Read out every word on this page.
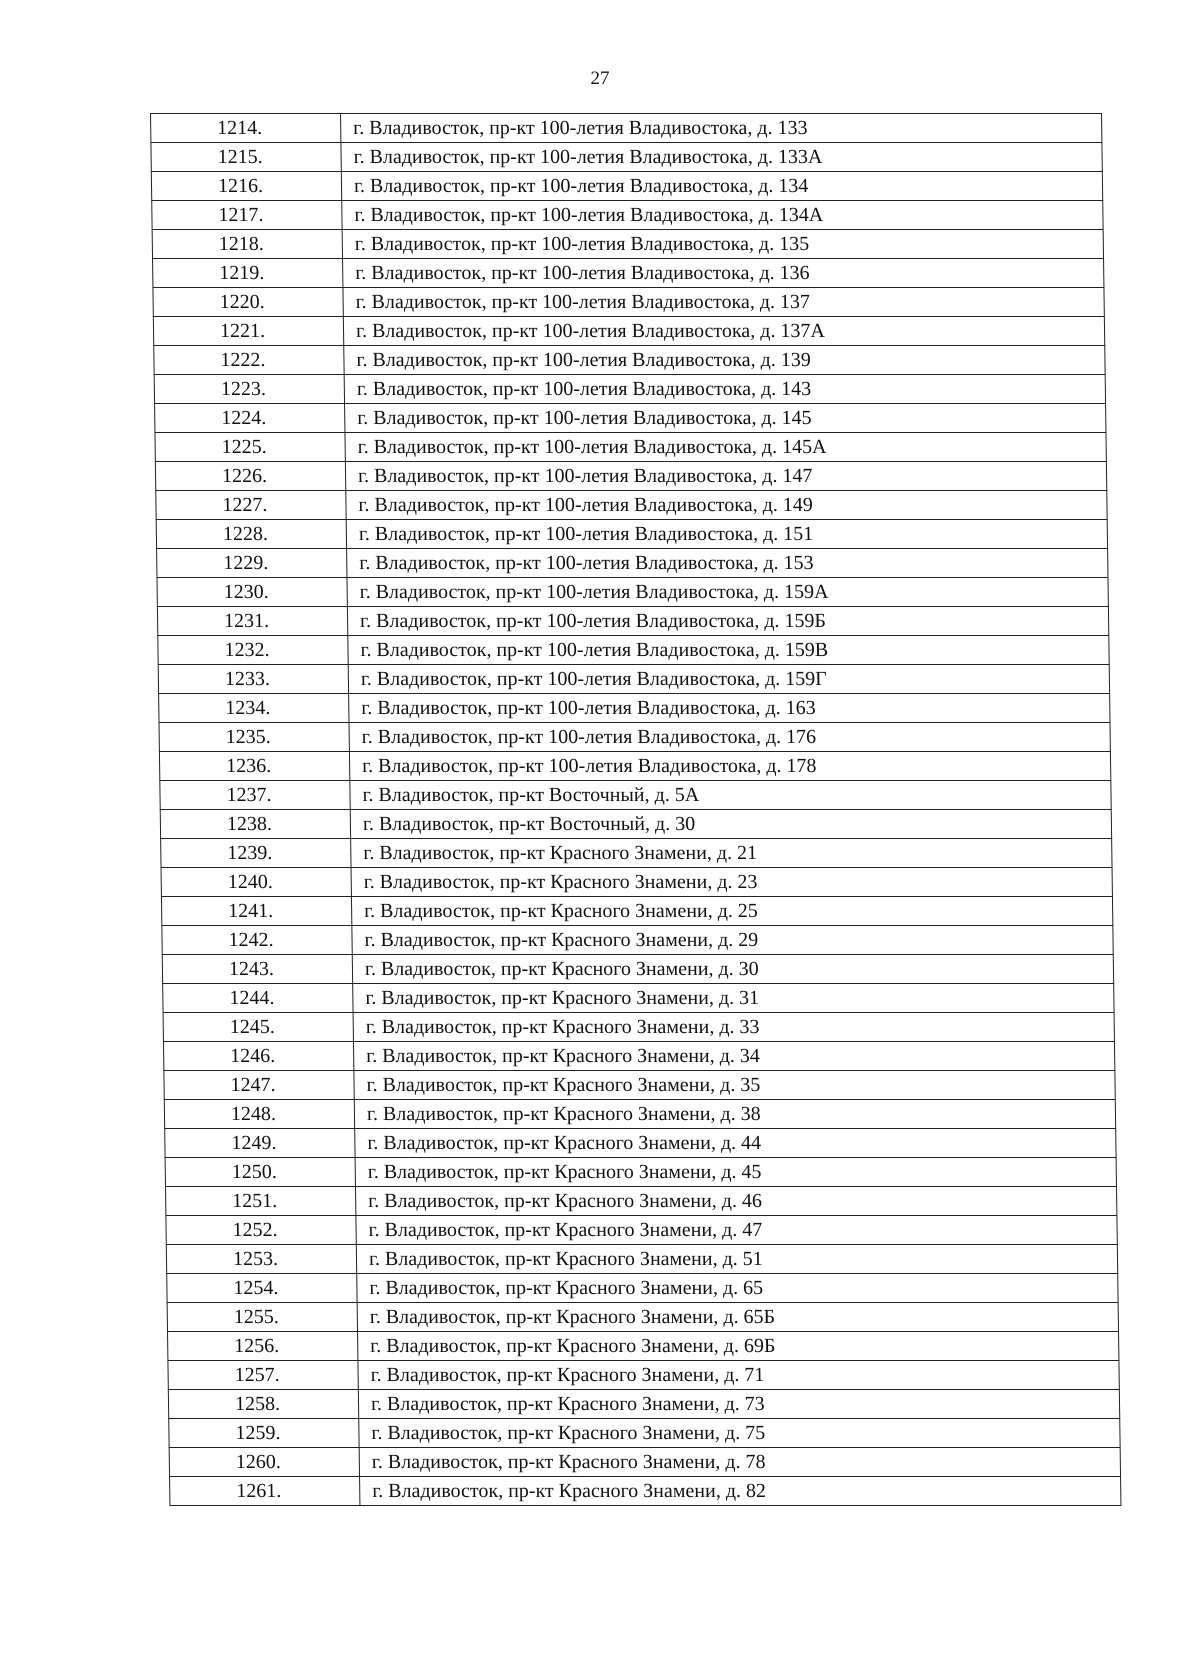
27
1214.	г. Владивосток, пр-кт 100-летия Владивостока, д. 133
1215.	г. Владивосток, пр-кт 100-летия Владивостока, д. 133А
1216.	г. Владивосток, пр-кт 100-летия Владивостока, д. 134
1217.	г. Владивосток, пр-кт 100-летия Владивостока, д. 134А
1218.	г. Владивосток, пр-кт 100-летия Владивостока, д. 135
1219.	г. Владивосток, пр-кт 100-летия Владивостока, д. 136
1220.	г. Владивосток, пр-кт 100-летия Владивостока, д. 137
1221.	г. Владивосток, пр-кт 100-летия Владивостока, д. 137А
1222.	г. Владивосток, пр-кт 100-летия Владивостока, д. 139
1223.	г. Владивосток, пр-кт 100-летия Владивостока, д. 143
1224.	г. Владивосток, пр-кт 100-летия Владивостока, д. 145
1225.	г. Владивосток, пр-кт 100-летия Владивостока, д. 145А
1226.	г. Владивосток, пр-кт 100-летия Владивостока, д. 147
1227.	г. Владивосток, пр-кт 100-летия Владивостока, д. 149
1228.	г. Владивосток, пр-кт 100-летия Владивостока, д. 151
1229.	г. Владивосток, пр-кт 100-летия Владивостока, д. 153
1230.	г. Владивосток, пр-кт 100-летия Владивостока, д. 159А
1231.	г. Владивосток, пр-кт 100-летия Владивостока, д. 159Б
1232.	г. Владивосток, пр-кт 100-летия Владивостока, д. 159В
1233.	г. Владивосток, пр-кт 100-летия Владивостока, д. 159Г
1234.	г. Владивосток, пр-кт 100-летия Владивостока, д. 163
1235.	г. Владивосток, пр-кт 100-летия Владивостока, д. 176
1236.	г. Владивосток, пр-кт 100-летия Владивостока, д. 178
1237.	г. Владивосток, пр-кт Восточный, д. 5А
1238.	г. Владивосток, пр-кт Восточный, д. 30
1239.	г. Владивосток, пр-кт Красного Знамени, д. 21
1240.	г. Владивосток, пр-кт Красного Знамени, д. 23
1241.	г. Владивосток, пр-кт Красного Знамени, д. 25
1242.	г. Владивосток, пр-кт Красного Знамени, д. 29
1243.	г. Владивосток, пр-кт Красного Знамени, д. 30
1244.	г. Владивосток, пр-кт Красного Знамени, д. 31
1245.	г. Владивосток, пр-кт Красного Знамени, д. 33
1246.	г. Владивосток, пр-кт Красного Знамени, д. 34
1247.	г. Владивосток, пр-кт Красного Знамени, д. 35
1248.	г. Владивосток, пр-кт Красного Знамени, д. 38
1249.	г. Владивосток, пр-кт Красного Знамени, д. 44
1250.	г. Владивосток, пр-кт Красного Знамени, д. 45
1251.	г. Владивосток, пр-кт Красного Знамени, д. 46
1252.	г. Владивосток, пр-кт Красного Знамени, д. 47
1253.	г. Владивосток, пр-кт Красного Знамени, д. 51
1254.	г. Владивосток, пр-кт Красного Знамени, д. 65
1255.	г. Владивосток, пр-кт Красного Знамени, д. 65Б
1256.	г. Владивосток, пр-кт Красного Знамени, д. 69Б
1257.	г. Владивосток, пр-кт Красного Знамени, д. 71
1258.	г. Владивосток, пр-кт Красного Знамени, д. 73
1259.	г. Владивосток, пр-кт Красного Знамени, д. 75
1260.	г. Владивосток, пр-кт Красного Знамени, д. 78
1261.	г. Владивосток, пр-кт Красного Знамени, д. 82
